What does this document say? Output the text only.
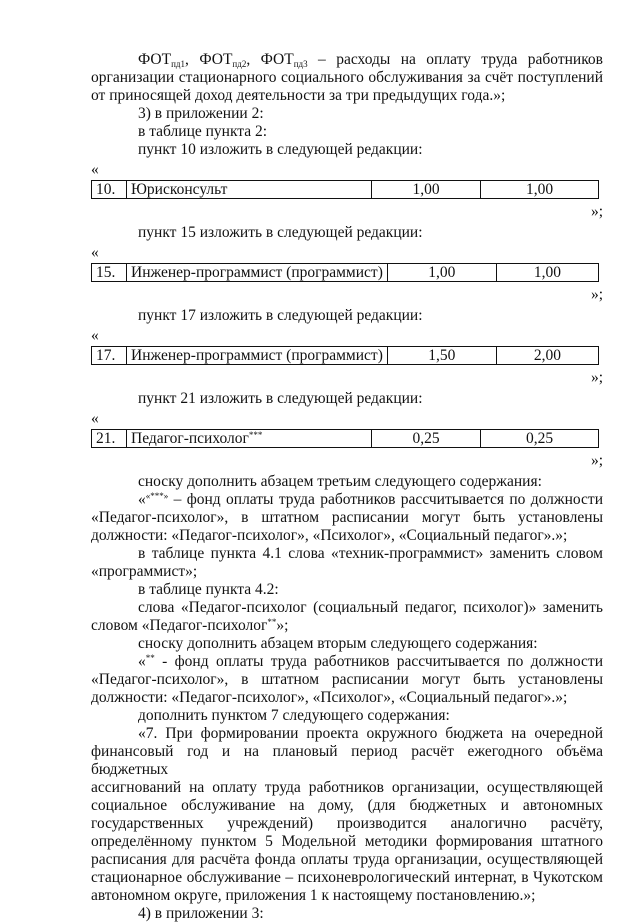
$ФОТ_{пд1}$, $ФОТ_{пд2}$, $ФОТ_{пд3}$ – расходы на оплату труда работников

организации стационарного социального обслуживания за счёт поступлений

от приносящей доход деятельности за три предыдущих года.»;

3) в приложении 2:

в таблице пункта 2:

пункт 10 изложить в следующей редакции:

«

10.	Юрисконсульт	1,00	1,00

»;

пункт 15 изложить в следующей редакции:

«

15.	Инженер-программист (программист)	1,00	1,00

»;

пункт 17 изложить в следующей редакции:

«

17.	Инженер-программист (программист)	1,50	2,00

»;

пункт 21 изложить в следующей редакции:

«

21.	Педагог-психолог***	0,25	0,25

»;

сноску дополнить абзацем третьим следующего содержания:

««***» – фонд оплаты труда работников рассчитывается по должности

«Педагог-психолог», в штатном расписании могут быть установлены

должности: «Педагог-психолог», «Психолог», «Социальный педагог».»;

в таблице пункта 4.1 слова «техник-программист» заменить словом

«программист»;

в таблице пункта 4.2:

слова «Педагог-психолог (социальный педагог, психолог)» заменить

словом «Педагог-психолог**»;

сноску дополнить абзацем вторым следующего содержания:

«** - фонд оплаты труда работников рассчитывается по должности

«Педагог-психолог», в штатном расписании могут быть установлены

должности: «Педагог-психолог», «Психолог», «Социальный педагог».»;

дополнить пунктом 7 следующего содержания:

«7. При формировании проекта окружного бюджета на очередной

финансовый год и на плановый период расчёт ежегодного объёма бюджетных

ассигнований на оплату труда работников организации, осуществляющей

социальное обслуживание на дому, (для бюджетных и автономных

государственных учреждений) производится аналогично расчёту,

определённому пунктом 5 Модельной методики формирования штатного

расписания для расчёта фонда оплаты труда организации, осуществляющей

стационарное обслуживание – психоневрологический интернат, в Чукотском

автономном округе, приложения 1 к настоящему постановлению.»;

4) в приложении 3:
